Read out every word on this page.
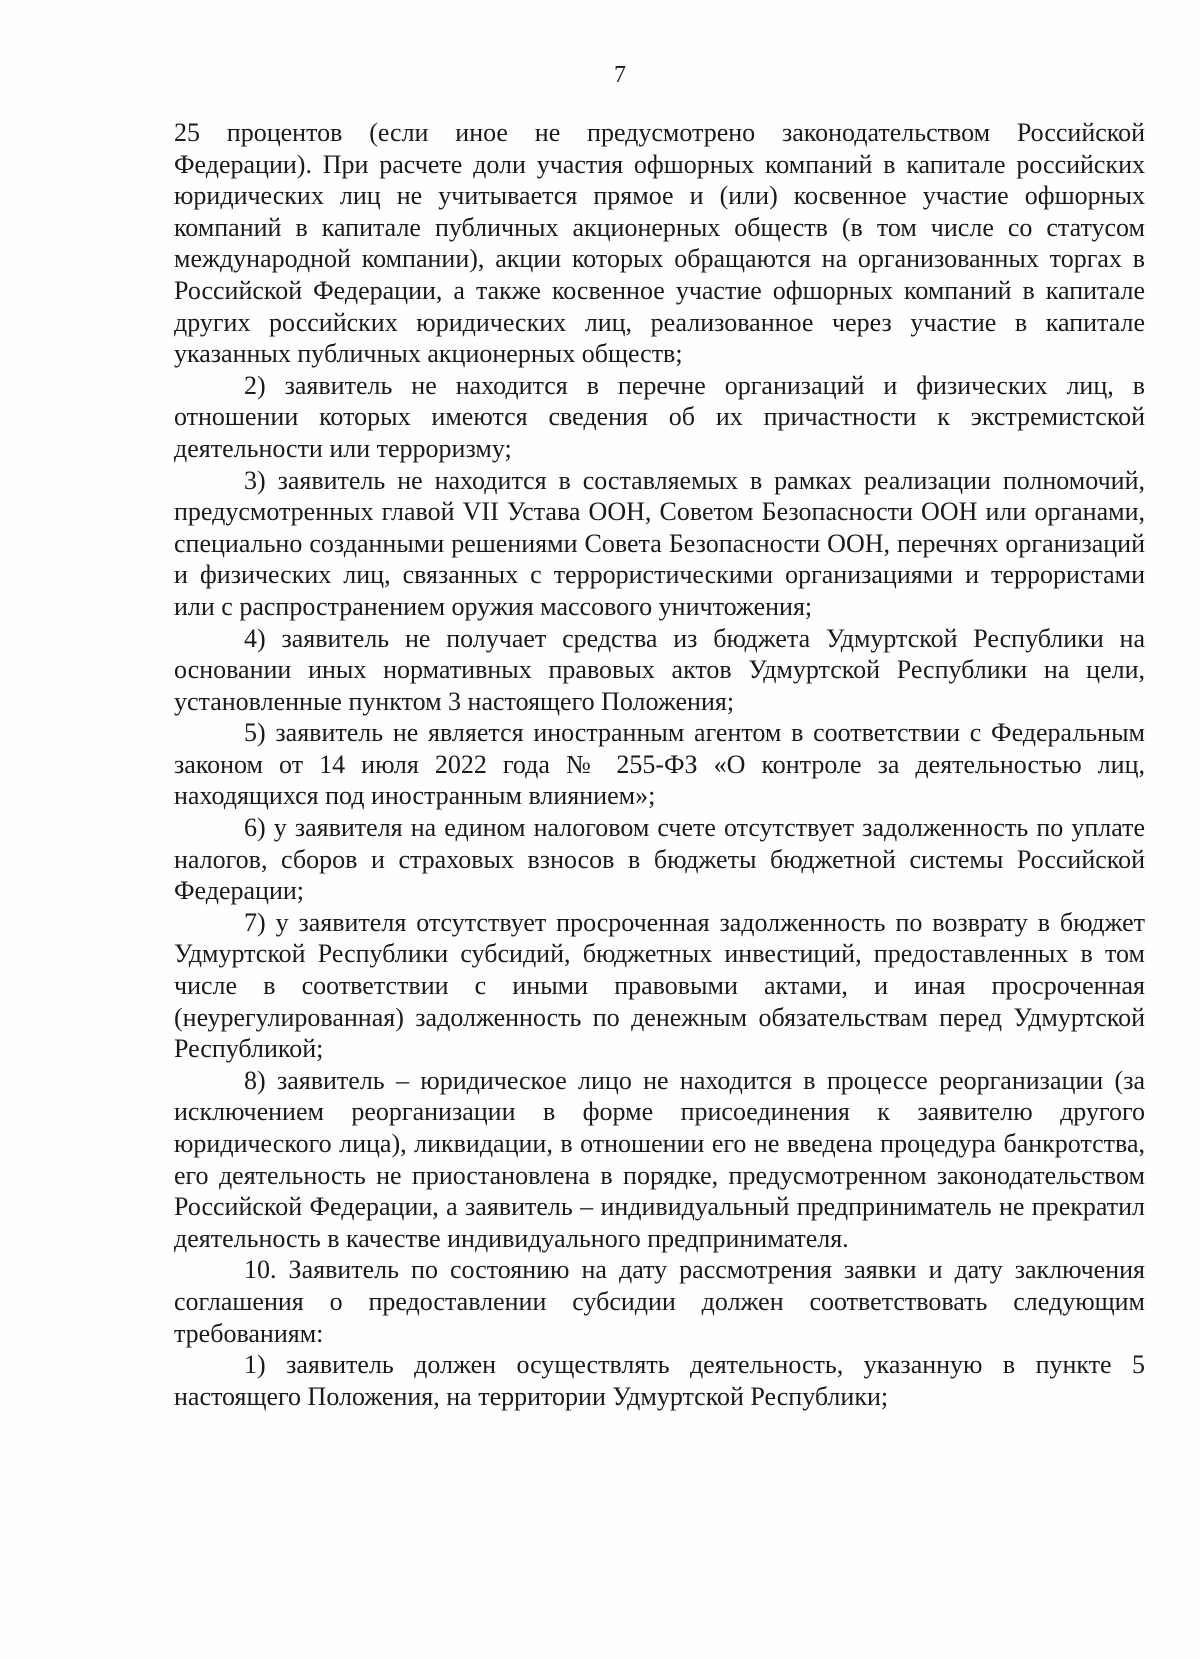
7

25 процентов (если иное не предусмотрено законодательством Российской Федерации). При расчете доли участия офшорных компаний в капитале российских юридических лиц не учитывается прямое и (или) косвенное участие офшорных компаний в капитале публичных акционерных обществ (в том числе со статусом международной компании), акции которых обращаются на организованных торгах в Российской Федерации, а также косвенное участие офшорных компаний в капитале других российских юридических лиц, реализованное через участие в капитале указанных публичных акционерных обществ;

2) заявитель не находится в перечне организаций и физических лиц, в отношении которых имеются сведения об их причастности к экстремистской деятельности или терроризму;

3) заявитель не находится в составляемых в рамках реализации полномочий, предусмотренных главой VII Устава ООН, Советом Безопасности ООН или органами, специально созданными решениями Совета Безопасности ООН, перечнях организаций и физических лиц, связанных с террористическими организациями и террористами или с распространением оружия массового уничтожения;

4) заявитель не получает средства из бюджета Удмуртской Республики на основании иных нормативных правовых актов Удмуртской Республики на цели, установленные пунктом 3 настоящего Положения;

5) заявитель не является иностранным агентом в соответствии с Федеральным законом от 14 июля 2022 года № 255-ФЗ «О контроле за деятельностью лиц, находящихся под иностранным влиянием»;

6) у заявителя на едином налоговом счете отсутствует задолженность по уплате налогов, сборов и страховых взносов в бюджеты бюджетной системы Российской Федерации;

7) у заявителя отсутствует просроченная задолженность по возврату в бюджет Удмуртской Республики субсидий, бюджетных инвестиций, предоставленных в том числе в соответствии с иными правовыми актами, и иная просроченная (неурегулированная) задолженность по денежным обязательствам перед Удмуртской Республикой;

8) заявитель – юридическое лицо не находится в процессе реорганизации (за исключением реорганизации в форме присоединения к заявителю другого юридического лица), ликвидации, в отношении его не введена процедура банкротства, его деятельность не приостановлена в порядке, предусмотренном законодательством Российской Федерации, а заявитель – индивидуальный предприниматель не прекратил деятельность в качестве индивидуального предпринимателя.

10. Заявитель по состоянию на дату рассмотрения заявки и дату заключения соглашения о предоставлении субсидии должен соответствовать следующим требованиям:

1) заявитель должен осуществлять деятельность, указанную в пункте 5 настоящего Положения, на территории Удмуртской Республики;
